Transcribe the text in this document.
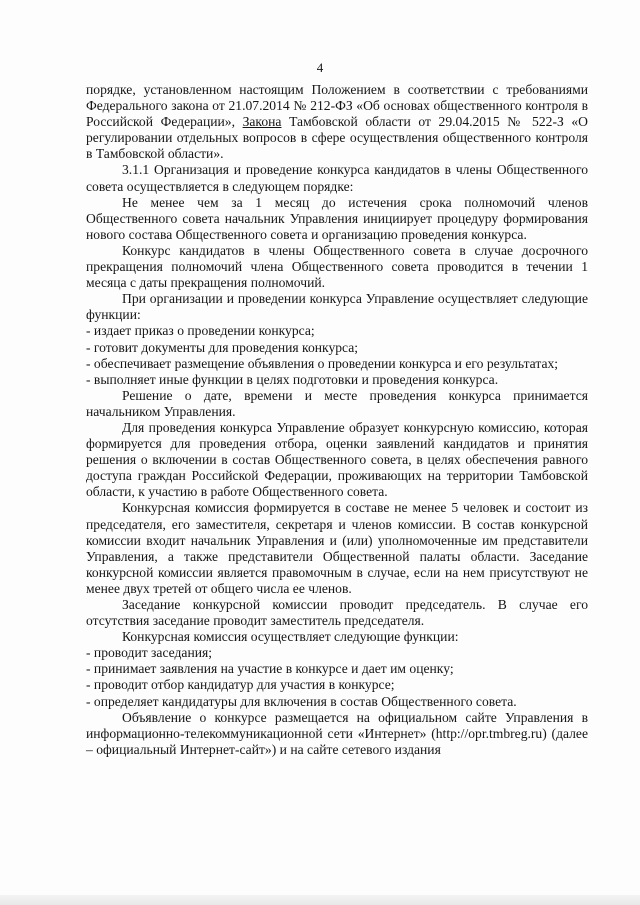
4

порядке, установленном настоящим Положением в соответствии с требованиями Федерального закона от 21.07.2014 № 212-ФЗ «Об основах общественного контроля в Российской Федерации», Законa Тамбовской области от 29.04.2015 № 522-З «О регулировании отдельных вопросов в сфере осуществления общественного контроля в Тамбовской области».

3.1.1 Организация и проведение конкурса кандидатов в члены Общественного совета осуществляется в следующем порядке:

Не менее чем за 1 месяц до истечения срока полномочий членов Общественного совета начальник Управления инициирует процедуру формирования нового состава Общественного совета и организацию проведения конкурса.

Конкурс кандидатов в члены Общественного совета в случае досрочного прекращения полномочий члена Общественного совета проводится в течении 1 месяца с даты прекращения полномочий.

При организации и проведении конкурса Управление осуществляет следующие функции:

- издает приказ о проведении конкурса;

- готовит документы для проведения конкурса;

- обеспечивает размещение объявления о проведении конкурса и его результатах;

- выполняет иные функции в целях подготовки и проведения конкурса.

Решение о дате, времени и месте проведения конкурса принимается начальником Управления.

Для проведения конкурса Управление образует конкурсную комиссию, которая формируется для проведения отбора, оценки заявлений кандидатов и принятия решения о включении в состав Общественного совета, в целях обеспечения равного доступа граждан Российской Федерации, проживающих на территории Тамбовской области, к участию в работе Общественного совета.

Конкурсная комиссия формируется в составе не менее 5 человек и состоит из председателя, его заместителя, секретаря и членов комиссии. В состав конкурсной комиссии входит начальник Управления и (или) уполномоченные им представители Управления, а также представители Общественной палаты области. Заседание конкурсной комиссии является правомочным в случае, если на нем присутствуют не менее двух третей от общего числа ее членов.

Заседание конкурсной комиссии проводит председатель. В случае его отсутствия заседание проводит заместитель председателя.

Конкурсная комиссия осуществляет следующие функции:

- проводит заседания;

- принимает заявления на участие в конкурсе и дает им оценку;

- проводит отбор кандидатур для участия в конкурсе;

- определяет кандидатуры для включения в состав Общественного совета.

Объявление о конкурсе размещается на официальном сайте Управления в информационно-телекоммуникационной сети «Интернет» (http://opr.tmbreg.ru) (далее – официальный Интернет-сайт») и на сайте сетевого издания
